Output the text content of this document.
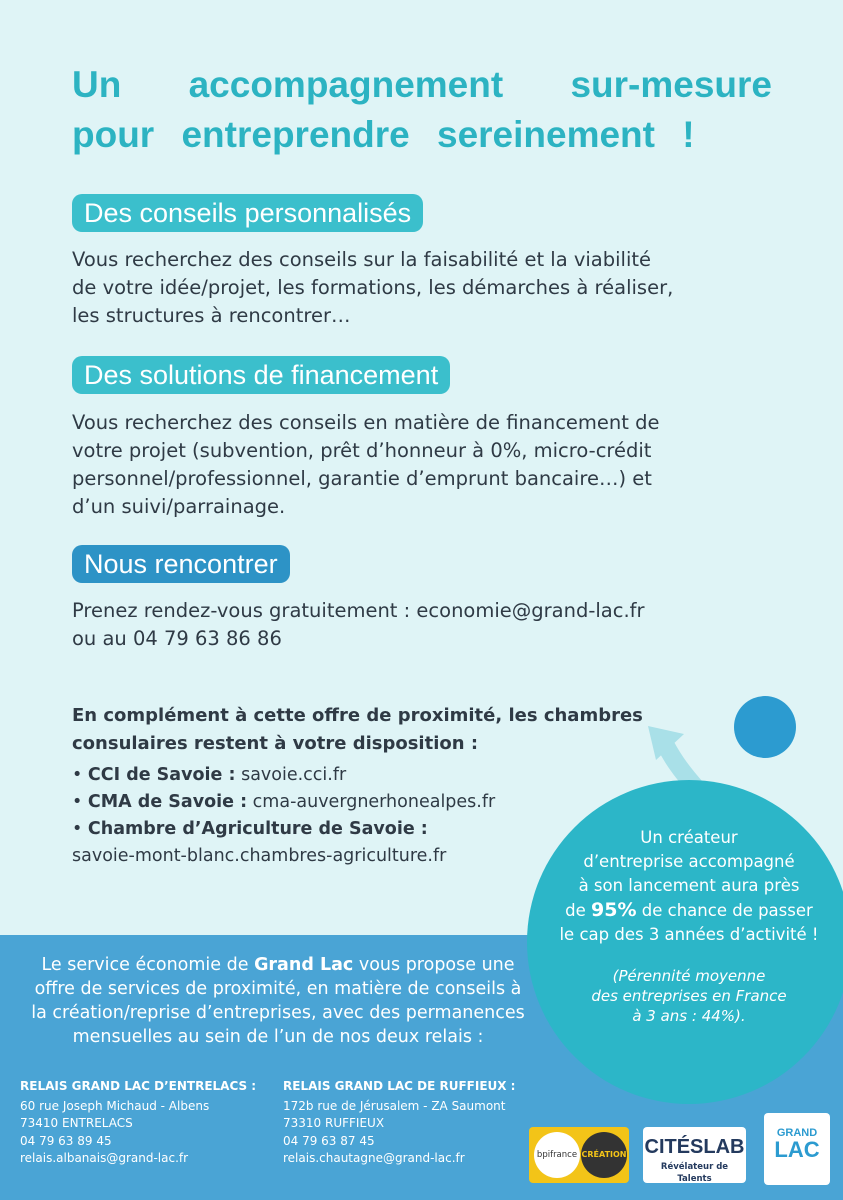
Un accompagnement sur-mesure
pour entreprendre sereinement !
Des conseils personnalisés
Vous recherchez des conseils sur la faisabilité et la viabilité
de votre idée/projet, les formations, les démarches à réaliser,
les structures à rencontrer…
Des solutions de financement
Vous recherchez des conseils en matière de financement de
votre projet (subvention, prêt d’honneur à 0%, micro-crédit
personnel/professionnel, garantie d’emprunt bancaire…) et
d’un suivi/parrainage.
Nous rencontrer
Prenez rendez-vous gratuitement : economie@grand-lac.fr
ou au 04 79 63 86 86
En complément à cette offre de proximité, les chambres
consulaires restent à votre disposition :
• CCI de Savoie : savoie.cci.fr
• CMA de Savoie : cma-auvergnerhonealpes.fr
• Chambre d’Agriculture de Savoie :
savoie-mont-blanc.chambres-agriculture.fr
Le service économie de Grand Lac vous propose une
offre de services de proximité, en matière de conseils à
la création/reprise d’entreprises, avec des permanences
mensuelles au sein de l’un de nos deux relais :
Un créateur
d’entreprise accompagné
à son lancement aura près
de 95% de chance de passer
le cap des 3 années d’activité !
(Pérennité moyenne
des entreprises en France
à 3 ans : 44%).
RELAIS GRAND LAC D’ENTRELACS :
60 rue Joseph Michaud - Albens
73410 ENTRELACS
04 79 63 89 45
relais.albanais@grand-lac.fr
RELAIS GRAND LAC DE RUFFIEUX :
172b rue de Jérusalem - ZA Saumont
73310 RUFFIEUX
04 79 63 87 45
relais.chautagne@grand-lac.fr	bpifrance CRÉATION CITÉSLAB
Révélateur de Talents
GRAND
LAC
